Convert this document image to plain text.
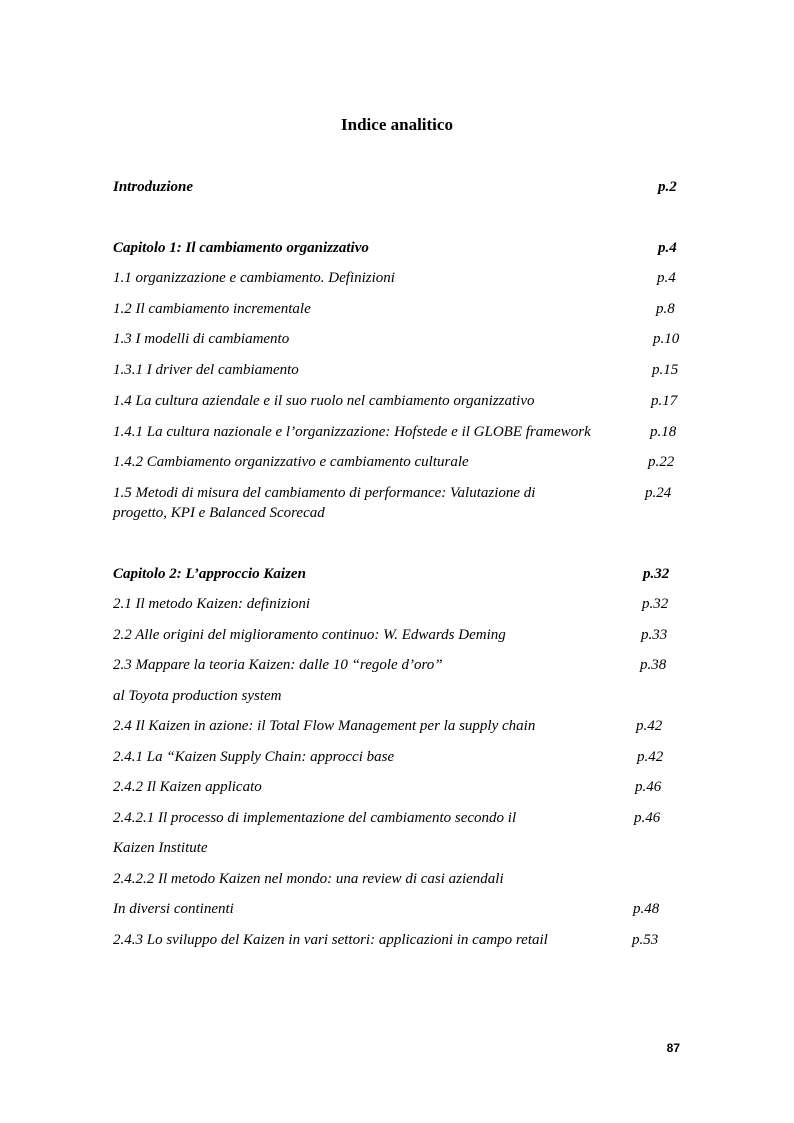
Indice analitico
Introduzione	p.2
Capitolo 1: Il cambiamento organizzativo	p.4
1.1 organizzazione e cambiamento. Definizioni	p.4
1.2 Il cambiamento incrementale	p.8
1.3 I modelli di cambiamento	p.10
1.3.1 I driver del cambiamento	p.15
1.4 La cultura aziendale e il suo ruolo nel cambiamento organizzativo	p.17
1.4.1 La cultura nazionale e l’organizzazione: Hofstede e il GLOBE framework	p.18
1.4.2 Cambiamento organizzativo e cambiamento culturale	p.22
1.5 Metodi di misura del cambiamento di performance: Valutazione di	p.24
progetto, KPI e Balanced Scorecad
Capitolo 2: L’approccio Kaizen	p.32
2.1 Il metodo Kaizen: definizioni	p.32
2.2 Alle origini del miglioramento continuo: W. Edwards Deming	p.33
2.3 Mappare la teoria Kaizen: dalle 10 “regole d’oro”	p.38
al Toyota production system
2.4 Il Kaizen in azione: il Total Flow Management per la supply chain	p.42
2.4.1 La “Kaizen Supply Chain: approcci base	p.42
2.4.2 Il Kaizen applicato	p.46
2.4.2.1 Il processo di implementazione del cambiamento secondo il	p.46
Kaizen Institute
2.4.2.2 Il metodo Kaizen nel mondo: una review di casi aziendali
In diversi continenti	p.48
2.4.3 Lo sviluppo del Kaizen in vari settori: applicazioni in campo retail	p.53
87
